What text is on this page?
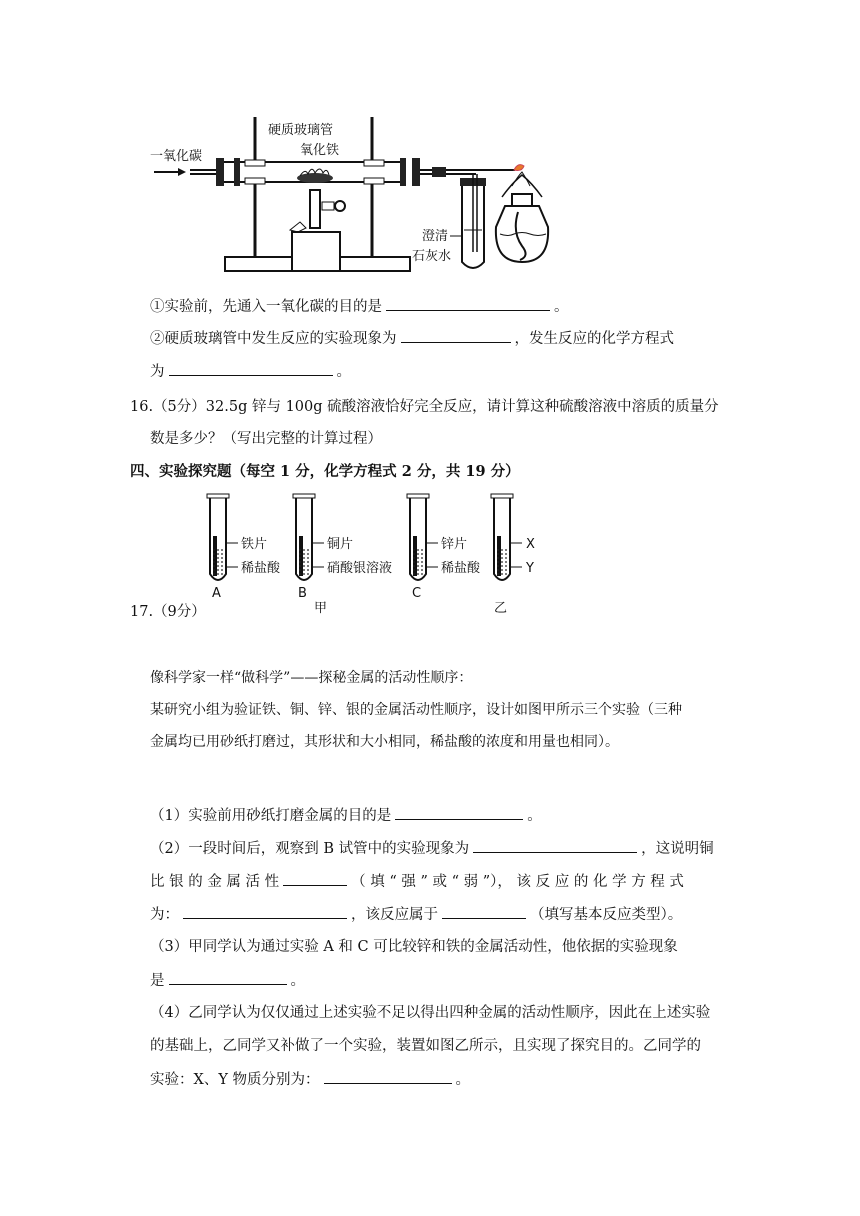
硬质玻璃管
氧化铁
一氧化碳
澄清
石灰水
①实验前，先通入一氧化碳的目的是	。
②硬质玻璃管中发生反应的实验现象为	，发生反应的化学方程式
为	。
16.（5分）32.5g 锌与 100g 硫酸溶液恰好完全反应，请计算这种硫酸溶液中溶质的质量分
数是多少？（写出完整的计算过程）
四、实验探究题（每空 1 分，化学方程式 2 分，共 19 分）
铁片
稀盐酸
A
铜片
硝酸银溶液
B
锌片
稀盐酸
C
X
Y
甲	乙
17.（9分）
像科学家一样“做科学”——探秘金属的活动性顺序：
某研究小组为验证铁、铜、锌、银的金属活动性顺序，设计如图甲所示三个实验（三种
金属均已用砂纸打磨过，其形状和大小相同，稀盐酸的浓度和用量也相同）。
（1）实验前用砂纸打磨金属的目的是	。
（2）一段时间后，观察到 B 试管中的实验现象为	，这说明铜
比 银 的 金 属 活 性	（ 填 “ 强 ” 或 “ 弱 ”）， 该 反 应 的 化 学 方 程 式
为：	，该反应属于	（填写基本反应类型）。
（3）甲同学认为通过实验 A 和 C 可比较锌和铁的金属活动性，他依据的实验现象
是	。
（4）乙同学认为仅仅通过上述实验不足以得出四种金属的活动性顺序，因此在上述实验
的基础上，乙同学又补做了一个实验，装置如图乙所示，且实现了探究目的。乙同学的
实验：X、Y 物质分别为：	。
